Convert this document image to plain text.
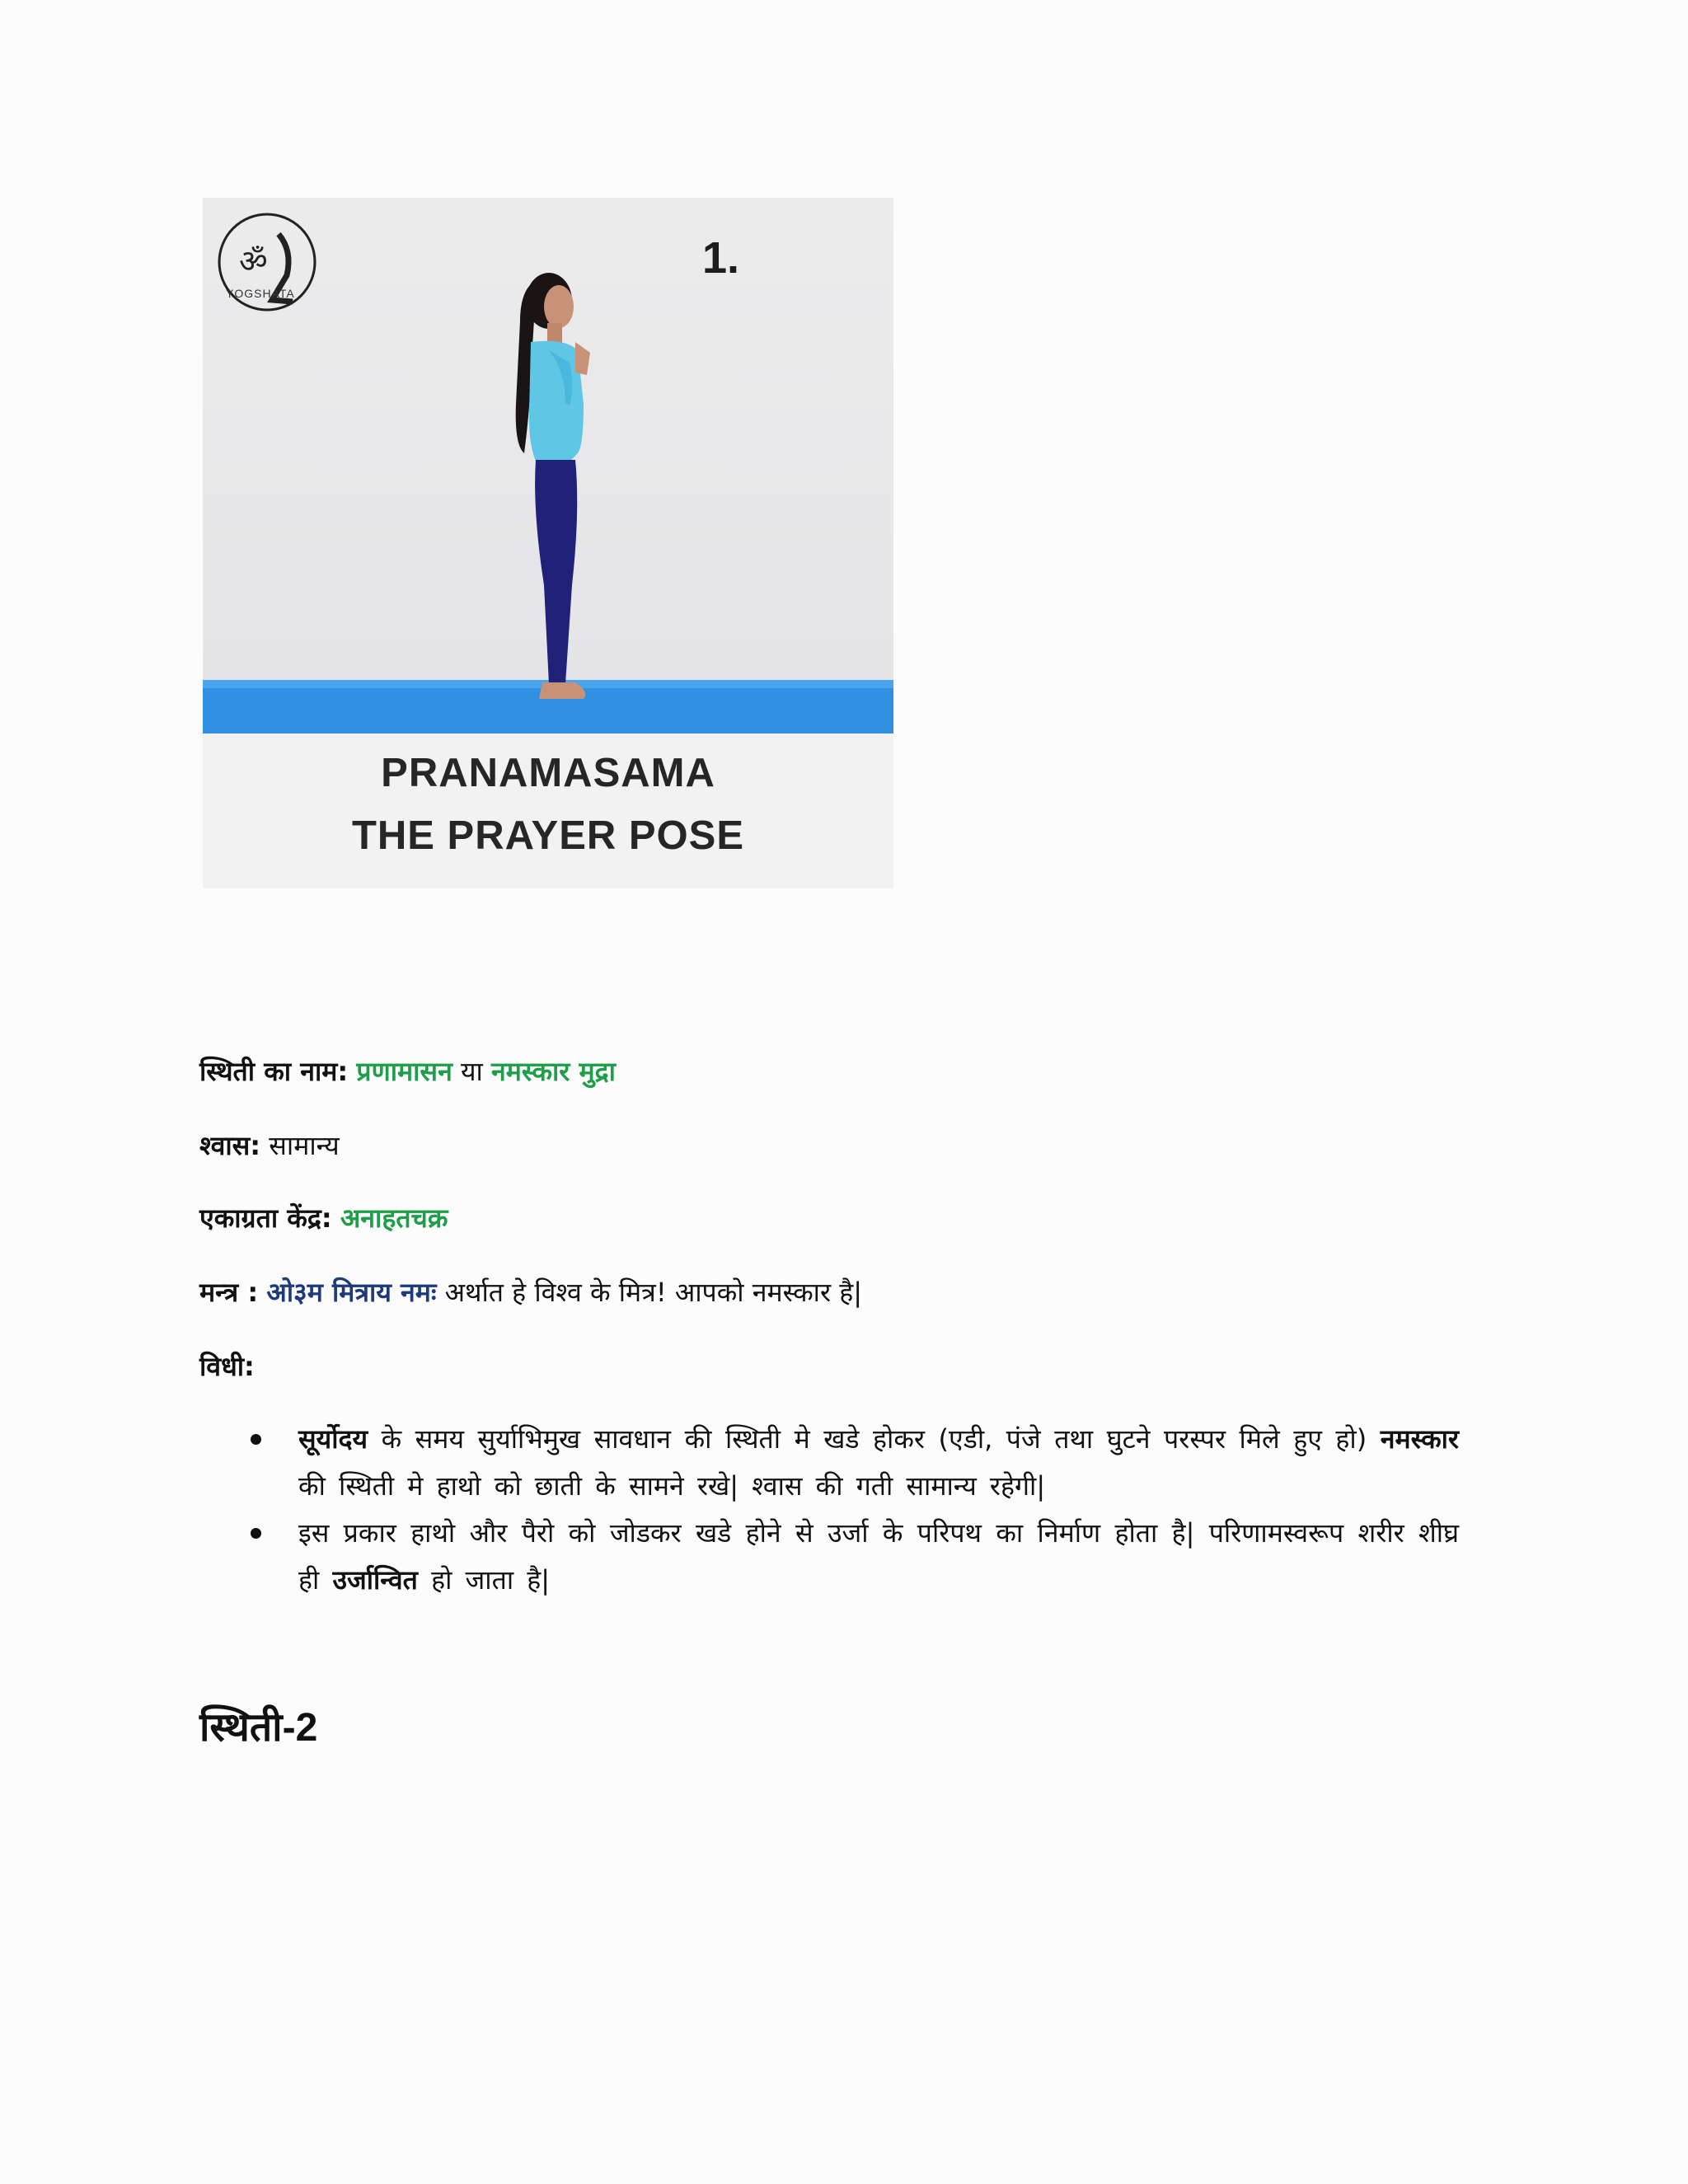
ॐ
YOGSHATA
1.
PRANAMASAMA
THE PRAYER POSE
स्थिती का नाम: प्रणामासन या नमस्कार मुद्रा
श्वास: सामान्य
एकाग्रता केंद्र: अनाहतचक्र
मन्त्र : ओ३म मित्राय नमः अर्थात हे विश्व के मित्र! आपको नमस्कार है|
विधी:
सूर्योदय के समय सुर्याभिमुख सावधान की स्थिती मे खडे होकर (एडी, पंजे तथा घुटने परस्पर मिले हुए हो) नमस्कार की स्थिती मे हाथो को छाती के सामने रखे| श्वास की गती सामान्य रहेगी|
इस प्रकार हाथो और पैरो को जोडकर खडे होने से उर्जा के परिपथ का निर्माण होता है| परिणामस्वरूप शरीर शीघ्र ही उर्जान्वित हो जाता है|
स्थिती-2
